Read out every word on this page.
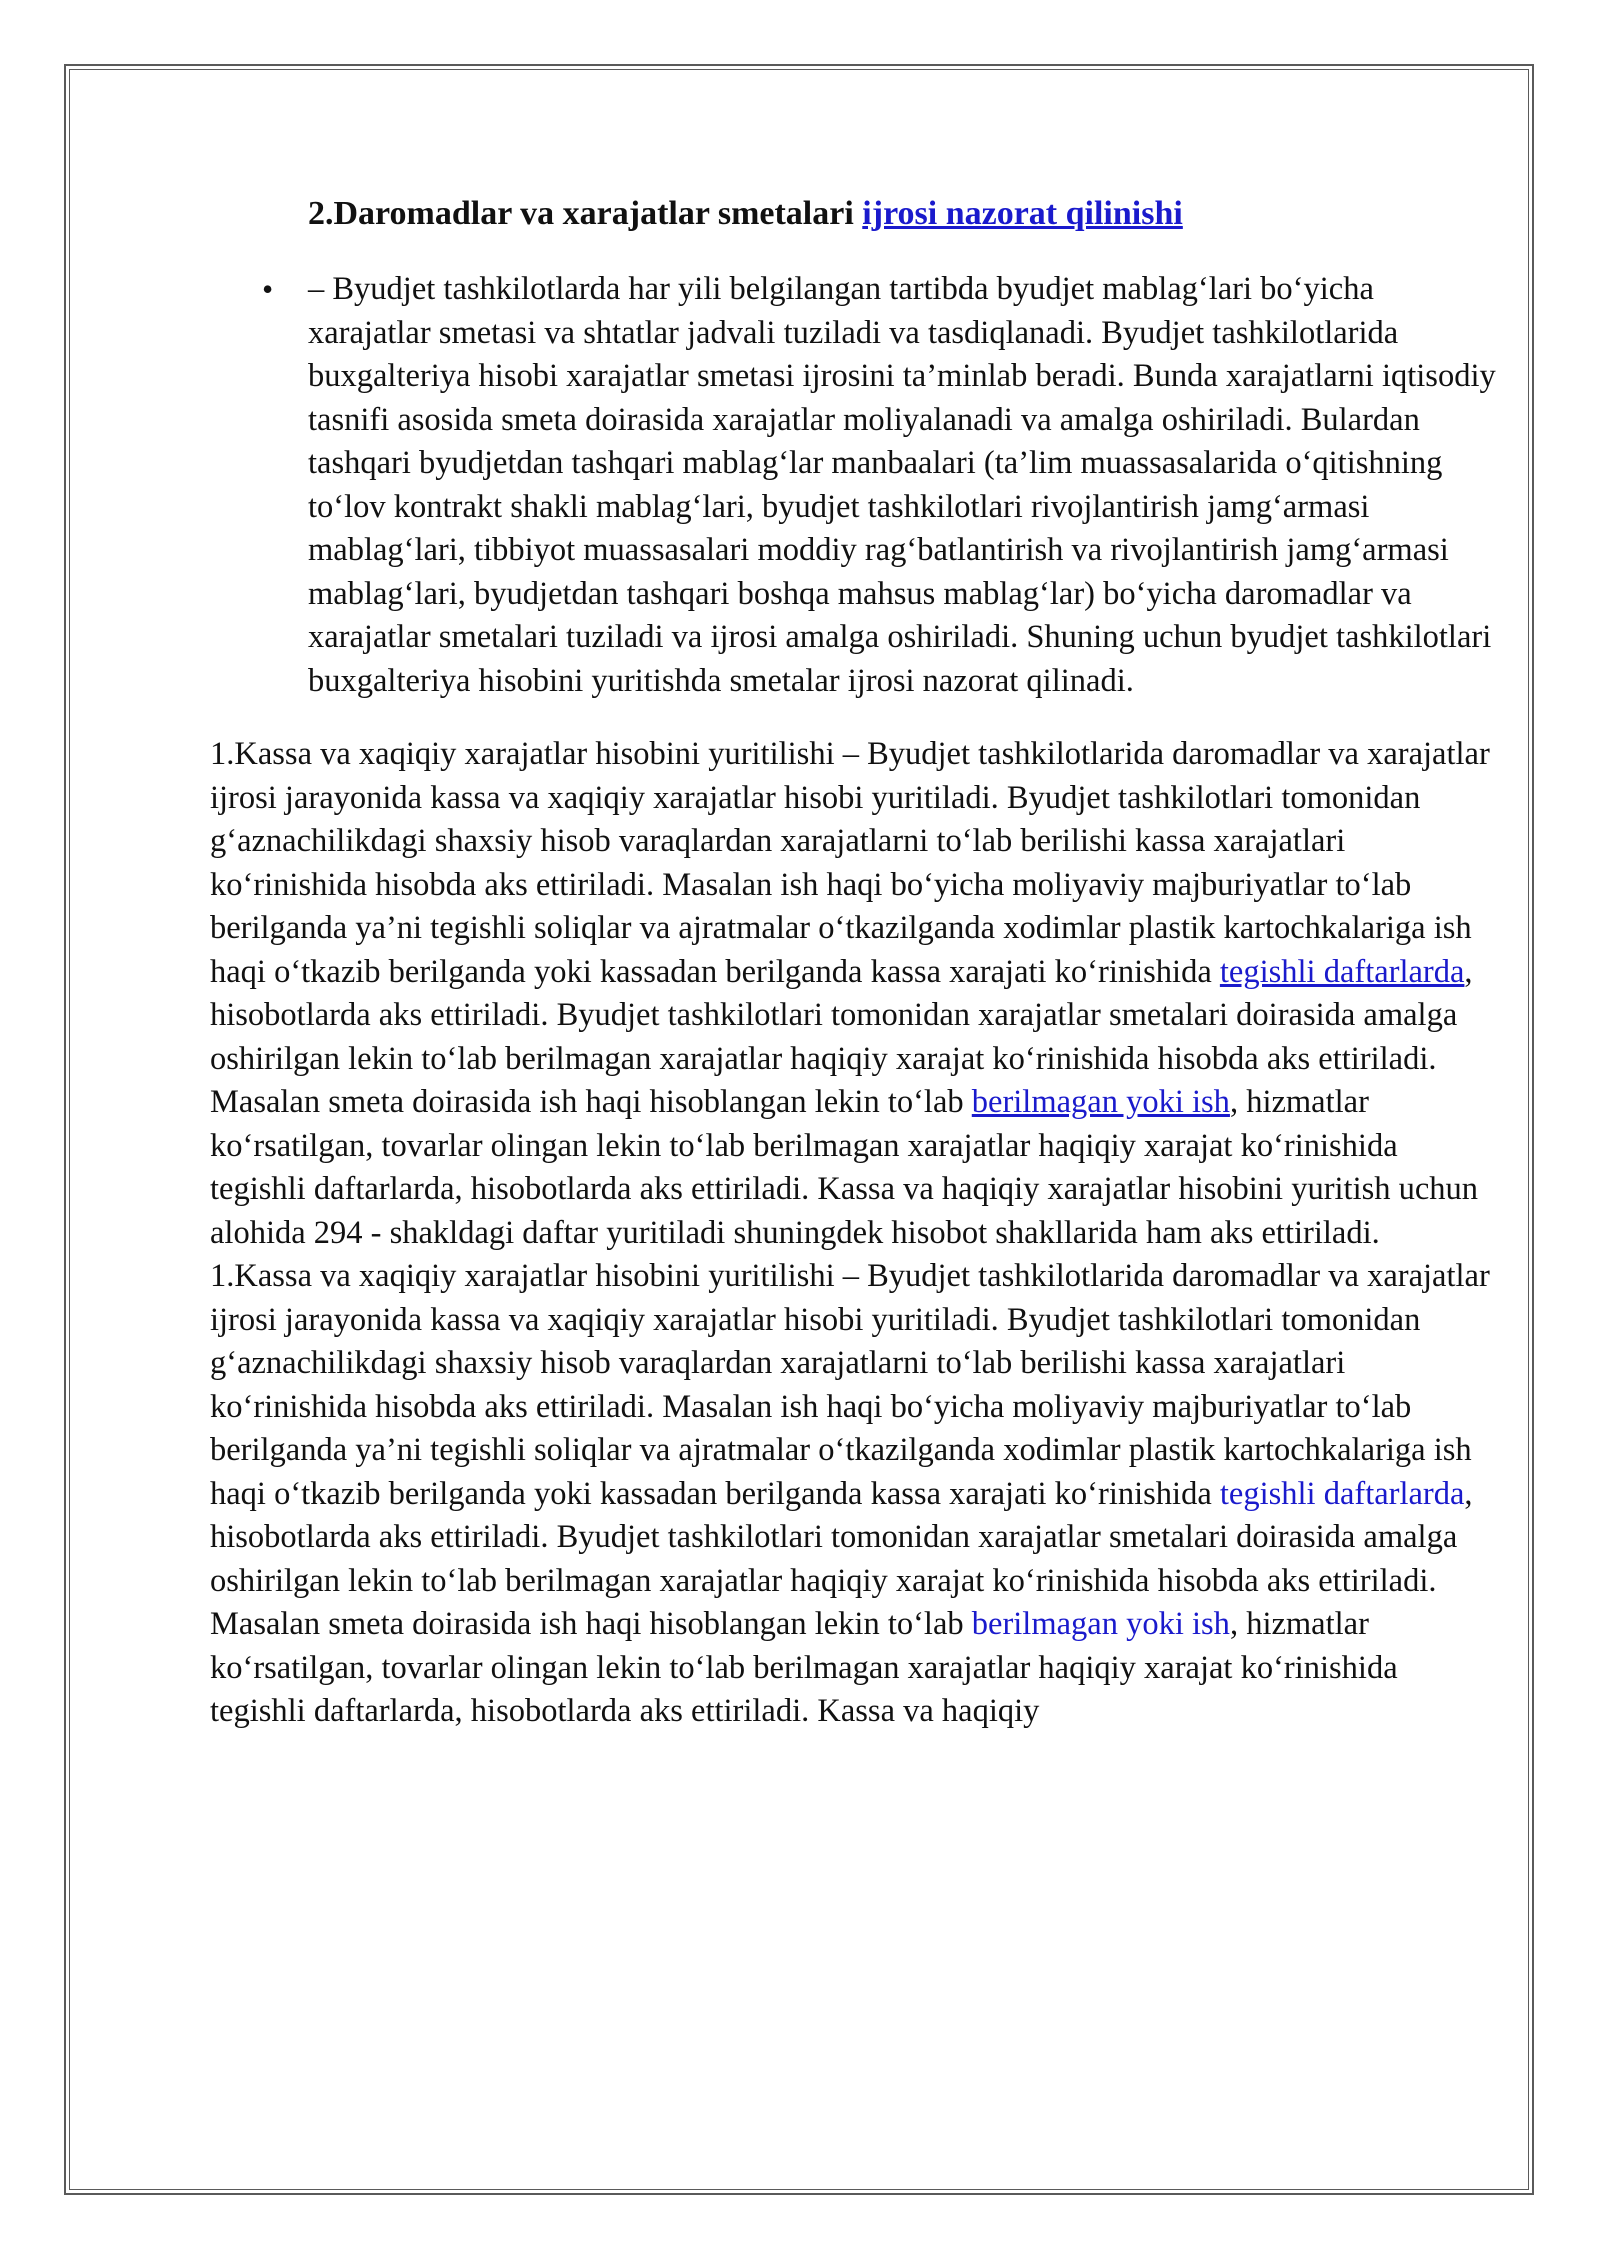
2.Daromadlar va xarajatlar smetalari ijrosi nazorat qilinishi
• – Byudjet tashkilotlarda har yili belgilangan tartibda byudjet mablag‘lari bo‘yicha xarajatlar smetasi va shtatlar jadvali tuziladi va tasdiqlanadi. Byudjet tashkilotlarida buxgalteriya hisobi xarajatlar smetasi ijrosini ta’minlab beradi. Bunda xarajatlarni iqtisodiy tasnifi asosida smeta doirasida xarajatlar moliyalanadi va amalga oshiriladi. Bulardan tashqari byudjetdan tashqari mablag‘lar manbaalari (ta’lim muassasalarida o‘qitishning to‘lov kontrakt shakli mablag‘lari, byudjet tashkilotlari rivojlantirish jamg‘armasi mablag‘lari, tibbiyot muassasalari moddiy rag‘batlantirish va rivojlantirish jamg‘armasi mablag‘lari, byudjetdan tashqari boshqa mahsus mablag‘lar) bo‘yicha daromadlar va xarajatlar smetalari tuziladi va ijrosi amalga oshiriladi. Shuning uchun byudjet tashkilotlari buxgalteriya hisobini yuritishda smetalar ijrosi nazorat qilinadi.

1.Kassa va xaqiqiy xarajatlar hisobini yuritilishi – Byudjet tashkilotlarida daromadlar va xarajatlar ijrosi jarayonida kassa va xaqiqiy xarajatlar hisobi yuritiladi. Byudjet tashkilotlari tomonidan g‘aznachilikdagi shaxsiy hisob varaqlardan xarajatlarni to‘lab berilishi kassa xarajatlari ko‘rinishida hisobda aks ettiriladi. Masalan ish haqi bo‘yicha moliyaviy majburiyatlar to‘lab berilganda ya’ni tegishli soliqlar va ajratmalar o‘tkazilganda xodimlar plastik kartochkalariga ish haqi o‘tkazib berilganda yoki kassadan berilganda kassa xarajati ko‘rinishida tegishli daftarlarda, hisobotlarda aks ettiriladi. Byudjet tashkilotlari tomonidan xarajatlar smetalari doirasida amalga oshirilgan lekin to‘lab berilmagan xarajatlar haqiqiy xarajat ko‘rinishida hisobda aks ettiriladi. Masalan smeta doirasida ish haqi hisoblangan lekin to‘lab berilmagan yoki ish, hizmatlar ko‘rsatilgan, tovarlar olingan lekin to‘lab berilmagan xarajatlar haqiqiy xarajat ko‘rinishida tegishli daftarlarda, hisobotlarda aks ettiriladi. Kassa va haqiqiy xarajatlar hisobini yuritish uchun alohida 294 - shakldagi daftar yuritiladi shuningdek hisobot shakllarida ham aks ettiriladi.

1.Kassa va xaqiqiy xarajatlar hisobini yuritilishi – Byudjet tashkilotlarida daromadlar va xarajatlar ijrosi jarayonida kassa va xaqiqiy xarajatlar hisobi yuritiladi. Byudjet tashkilotlari tomonidan g‘aznachilikdagi shaxsiy hisob varaqlardan xarajatlarni to‘lab berilishi kassa xarajatlari ko‘rinishida hisobda aks ettiriladi. Masalan ish haqi bo‘yicha moliyaviy majburiyatlar to‘lab berilganda ya’ni tegishli soliqlar va ajratmalar o‘tkazilganda xodimlar plastik kartochkalariga ish haqi o‘tkazib berilganda yoki kassadan berilganda kassa xarajati ko‘rinishida tegishli daftarlarda, hisobotlarda aks ettiriladi. Byudjet tashkilotlari tomonidan xarajatlar smetalari doirasida amalga oshirilgan lekin to‘lab berilmagan xarajatlar haqiqiy xarajat ko‘rinishida hisobda aks ettiriladi. Masalan smeta doirasida ish haqi hisoblangan lekin to‘lab berilmagan yoki ish, hizmatlar ko‘rsatilgan, tovarlar olingan lekin to‘lab berilmagan xarajatlar haqiqiy xarajat ko‘rinishida tegishli daftarlarda, hisobotlarda aks ettiriladi. Kassa va haqiqiy
